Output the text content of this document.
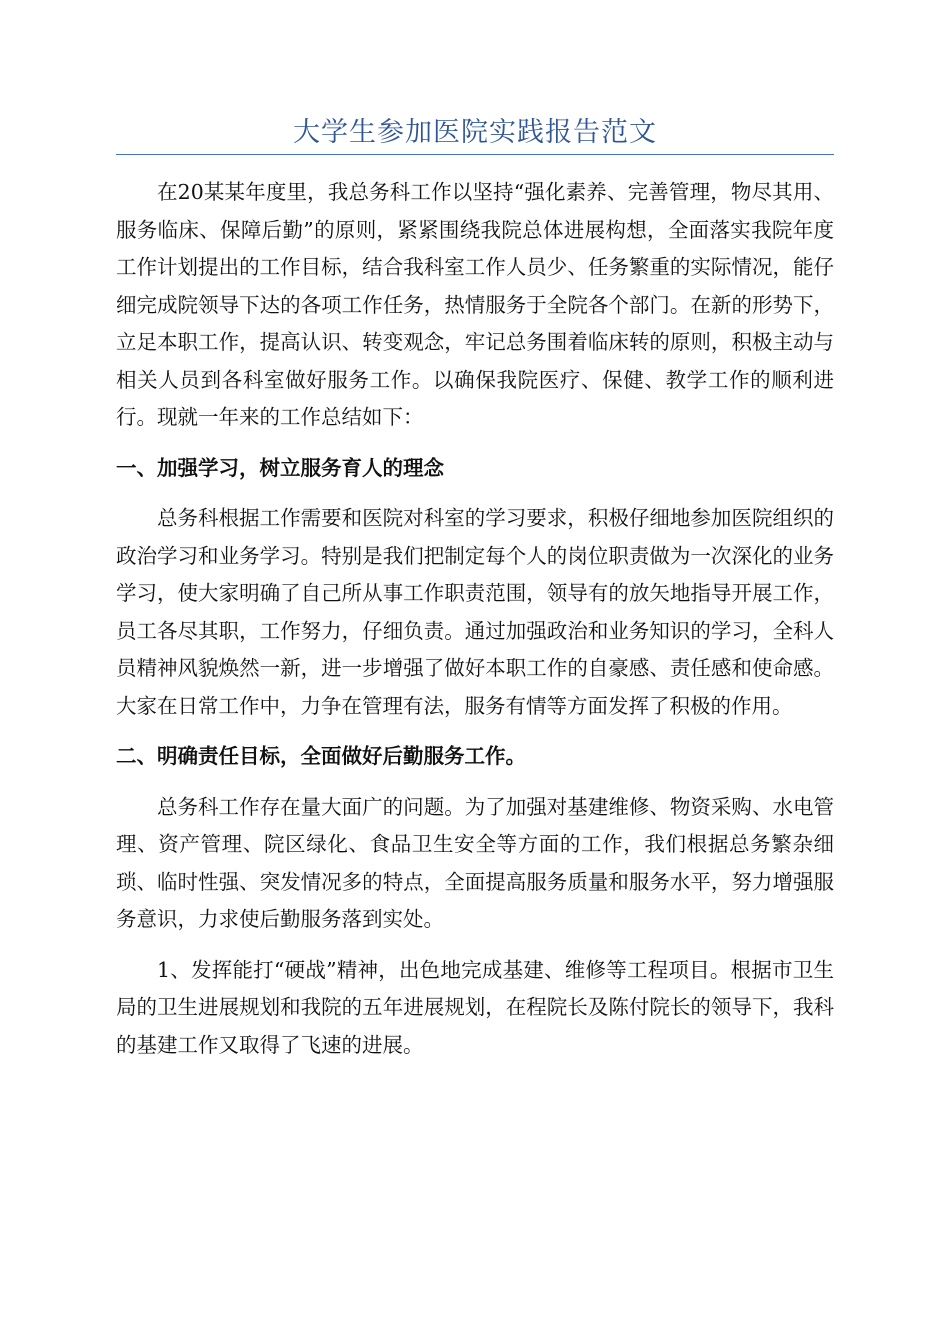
大学生参加医院实践报告范文

在20某某年度里，我总务科工作以坚持“强化素养、完善管理，物尽其用、服务临床、保障后勤”的原则，紧紧围绕我院总体进展构想，全面落实我院年度工作计划提出的工作目标，结合我科室工作人员少、任务繁重的实际情况，能仔细完成院领导下达的各项工作任务，热情服务于全院各个部门。在新的形势下，立足本职工作，提高认识、转变观念，牢记总务围着临床转的原则，积极主动与相关人员到各科室做好服务工作。以确保我院医疗、保健、教学工作的顺利进行。现就一年来的工作总结如下：

一、加强学习，树立服务育人的理念

总务科根据工作需要和医院对科室的学习要求，积极仔细地参加医院组织的政治学习和业务学习。特别是我们把制定每个人的岗位职责做为一次深化的业务学习，使大家明确了自己所从事工作职责范围，领导有的放矢地指导开展工作，员工各尽其职，工作努力，仔细负责。通过加强政治和业务知识的学习，全科人员精神风貌焕然一新，进一步增强了做好本职工作的自豪感、责任感和使命感。大家在日常工作中，力争在管理有法，服务有情等方面发挥了积极的作用。

二、明确责任目标，全面做好后勤服务工作。

总务科工作存在量大面广的问题。为了加强对基建维修、物资采购、水电管理、资产管理、院区绿化、食品卫生安全等方面的工作，我们根据总务繁杂细琐、临时性强、突发情况多的特点，全面提高服务质量和服务水平，努力增强服务意识，力求使后勤服务落到实处。

1、发挥能打“硬战”精神，出色地完成基建、维修等工程项目。根据市卫生局的卫生进展规划和我院的五年进展规划，在程院长及陈付院长的领导下，我科的基建工作又取得了飞速的进展。
